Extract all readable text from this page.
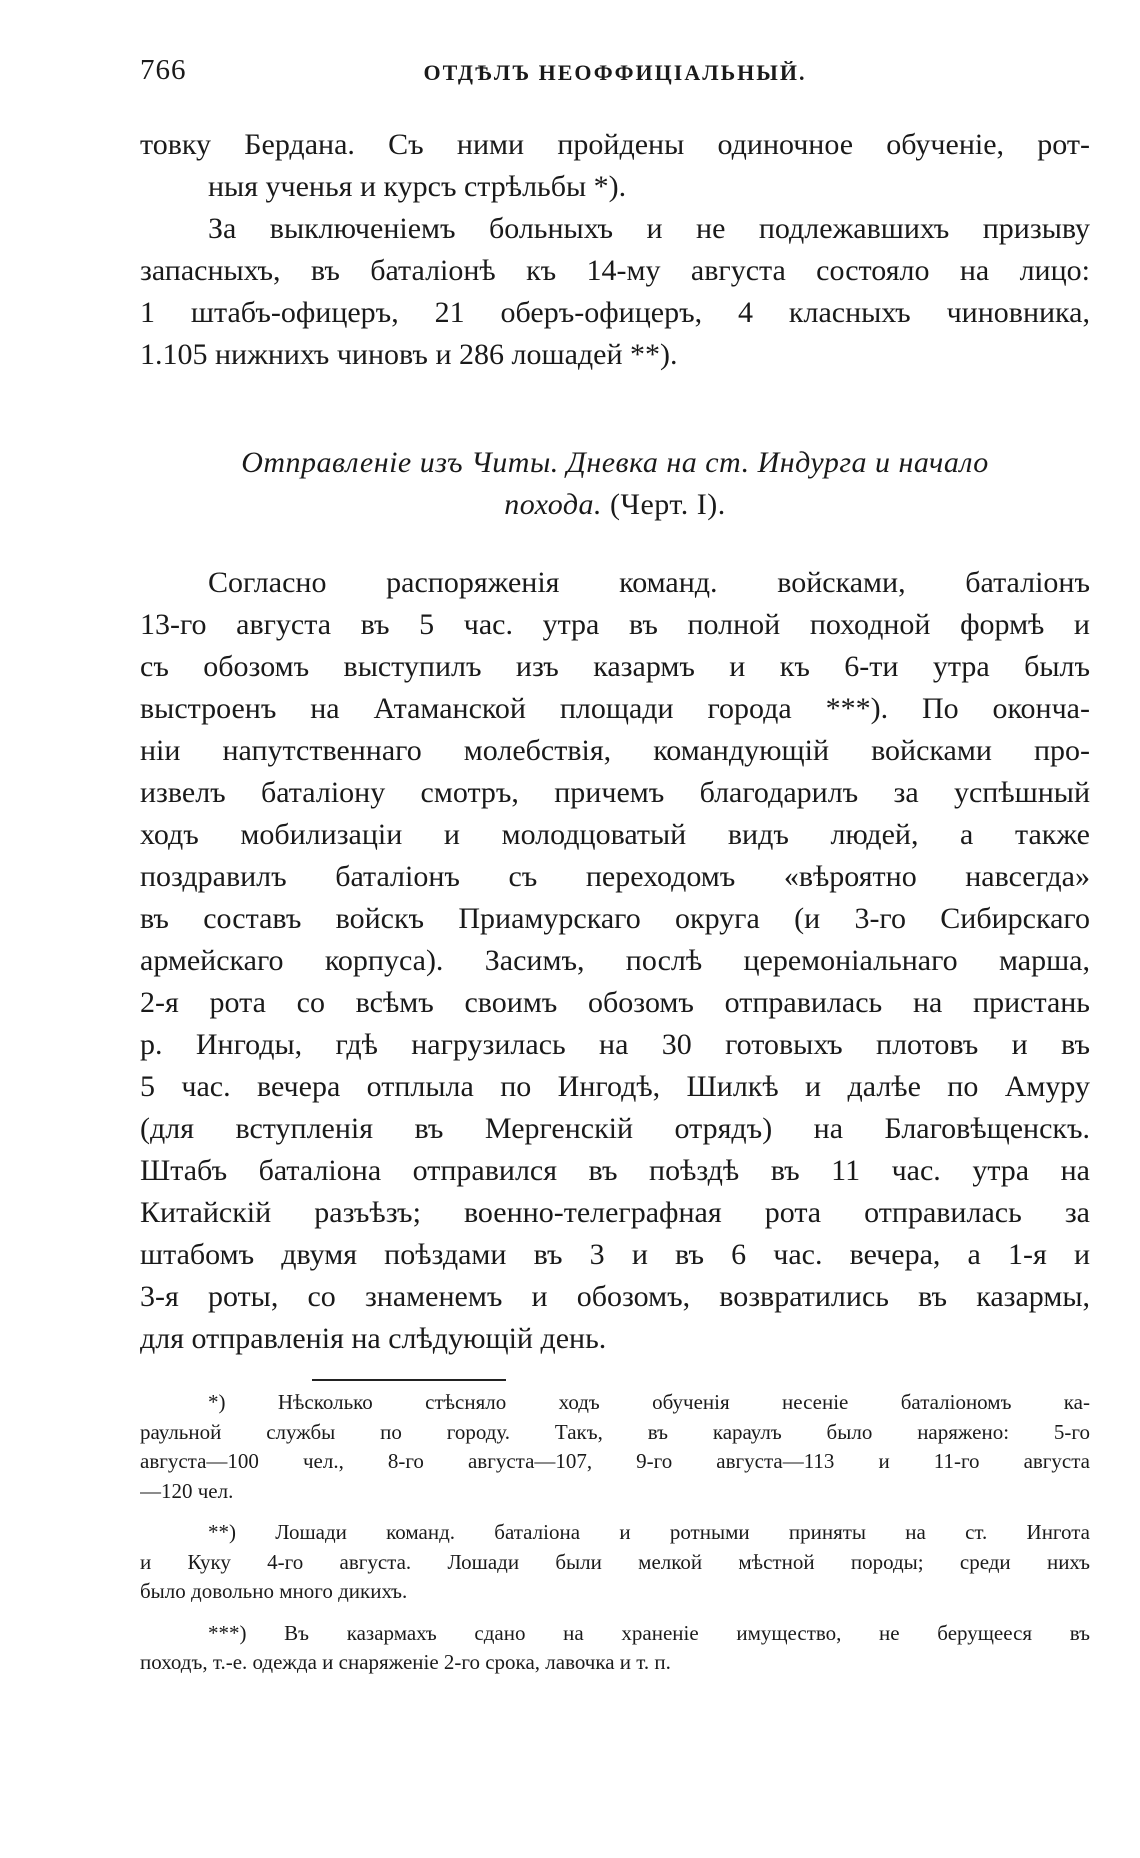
766	ОТДѢЛЪ НЕОФФИЦІАЛЬНЫЙ.
товку Бердана. Съ ними пройдены одиночное обученіе, рот-
ныя ученья и курсъ стрѣльбы *).
За выключеніемъ больныхъ и не подлежавшихъ призыву
запасныхъ, въ баталіонѣ къ 14-му августа состояло на лицо:
1 штабъ-офицеръ, 21 оберъ-офицеръ, 4 класныхъ чиновника,
1.105 нижнихъ чиновъ и 286 лошадей **).
Отправленіе изъ Читы. Дневка на ст. Индурга и начало
похода. (Черт. I).
Согласно распоряженія команд. войсками, баталіонъ
13-го августа въ 5 час. утра въ полной походной формѣ и
съ обозомъ выступилъ изъ казармъ и къ 6-ти утра былъ
выстроенъ на Атаманской площади города ***). По оконча-
ніи напутственнаго молебствія, командующій войсками про-
извелъ баталіону смотръ, причемъ благодарилъ за успѣшный
ходъ мобилизаціи и молодцоватый видъ людей, а также
поздравилъ баталіонъ съ переходомъ «вѣроятно навсегда»
въ составъ войскъ Приамурскаго округа (и 3-го Сибирскаго
армейскаго корпуса). Засимъ, послѣ церемоніальнаго марша,
2-я рота со всѣмъ своимъ обозомъ отправилась на пристань
р. Ингоды, гдѣ нагрузилась на 30 готовыхъ плотовъ и въ
5 час. вечера отплыла по Ингодѣ, Шилкѣ и далѣе по Амуру
(для вступленія въ Мергенскій отрядъ) на Благовѣщенскъ.
Штабъ баталіона отправился въ поѣздѣ въ 11 час. утра на
Китайскій разъѣзъ; военно-телеграфная рота отправилась за
штабомъ двумя поѣздами въ 3 и въ 6 час. вечера, а 1-я и
3-я роты, со знаменемъ и обозомъ, возвратились въ казармы,
для отправленія на слѣдующій день.
*) Нѣсколько стѣсняло ходъ обученія несеніе баталіономъ ка-
раульной службы по городу. Такъ, въ караулъ было наряжено: 5-го
августа—100 чел., 8-го августа—107, 9-го августа—113 и 11-го августа
—120 чел.
**) Лошади команд. баталіона и ротными приняты на ст. Ингота
и Куку 4-го августа. Лошади были мелкой мѣстной породы; среди нихъ
было довольно много дикихъ.
***) Въ казармахъ сдано на храненіе имущество, не берущееся въ
походъ, т.-е. одежда и снаряженіе 2-го срока, лавочка и т. п.
